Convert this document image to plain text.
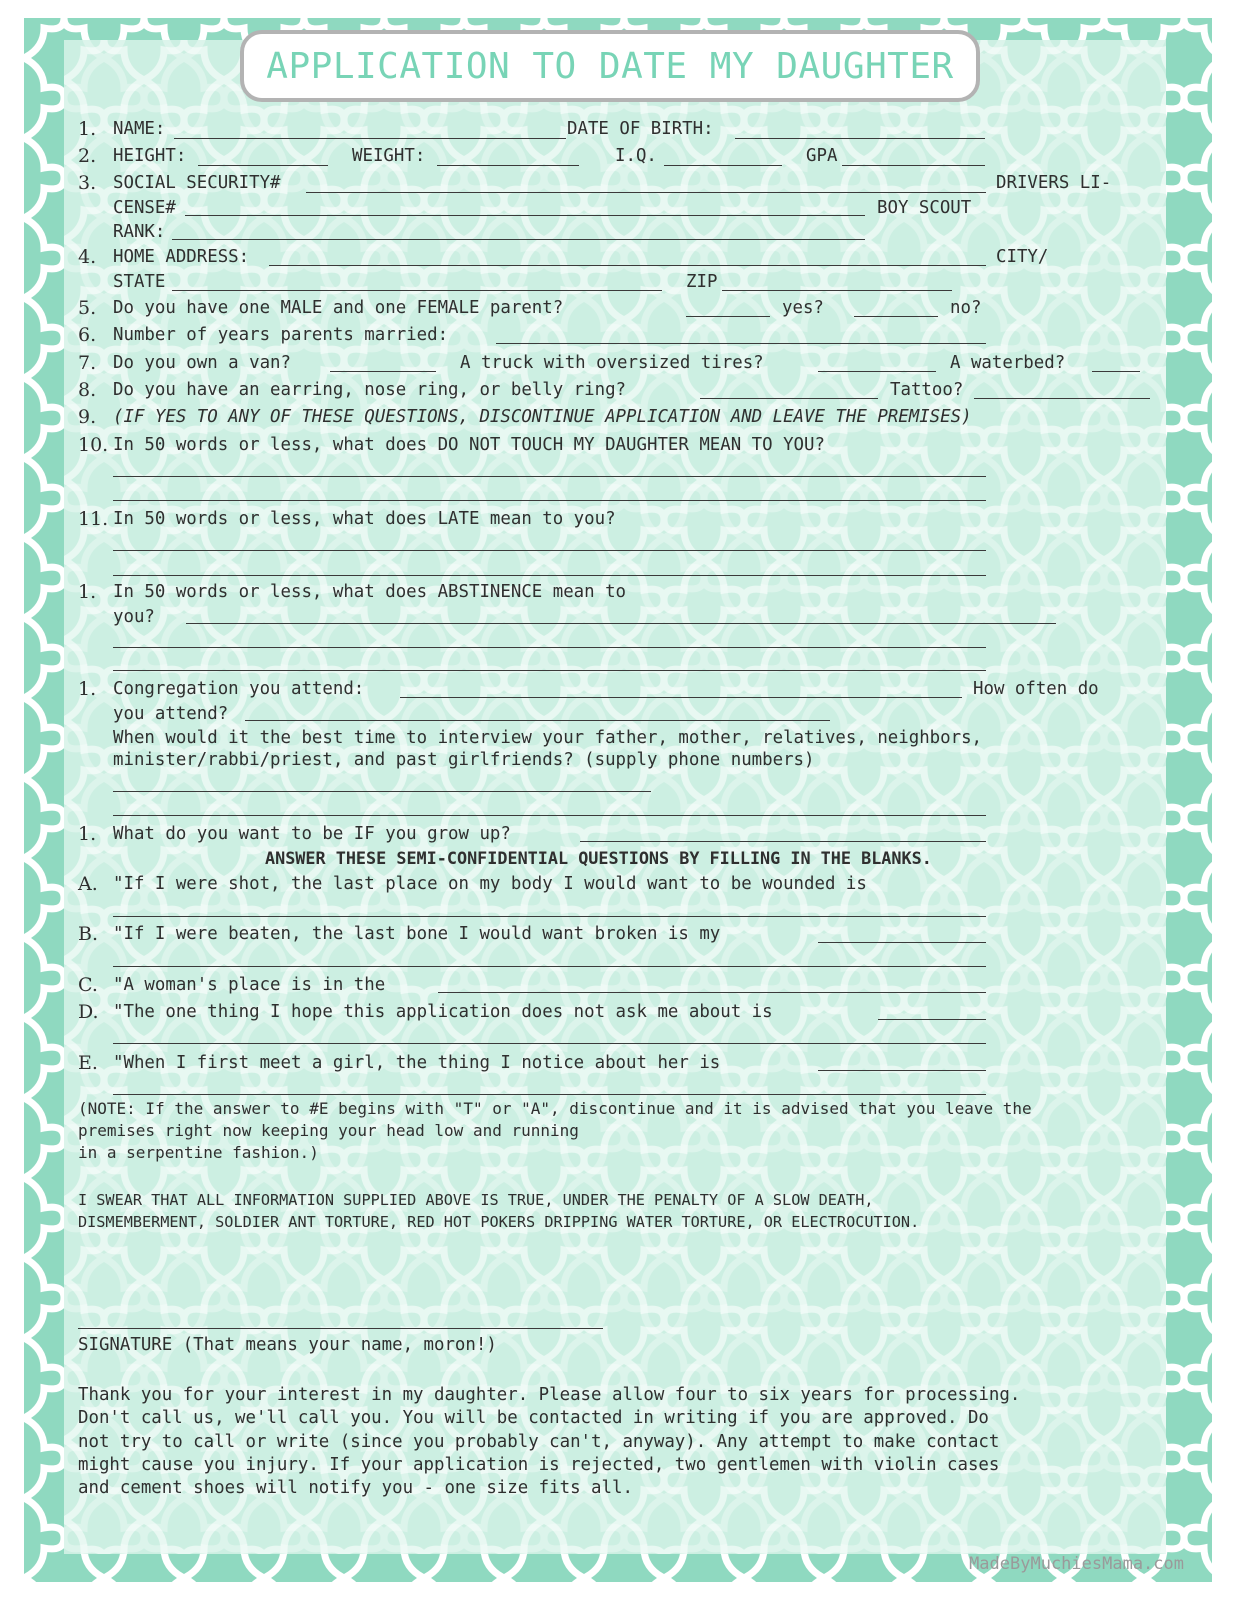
APPLICATION TO DATE MY DAUGHTER
1. NAME:	DATE OF BIRTH:
2. HEIGHT:	WEIGHT:	I.Q.	GPA
3. SOCIAL SECURITY#	DRIVERS LI-
CENSE#	BOY SCOUT
RANK:
4. HOME ADDRESS:	CITY/
STATE	ZIP
5. Do you have one MALE and one FEMALE parent?	yes?	no?
6. Number of years parents married:
7. Do you own a van?	A truck with oversized tires?	A waterbed?
8. Do you have an earring, nose ring, or belly ring?	Tattoo?
9. (IF YES TO ANY OF THESE QUESTIONS, DISCONTINUE APPLICATION AND LEAVE THE PREMISES)
10. In 50 words or less, what does DO NOT TOUCH MY DAUGHTER MEAN TO YOU?
11. In 50 words or less, what does LATE mean to you?
1. In 50 words or less, what does ABSTINENCE mean to
you?
1. Congregation you attend:	How often do
you attend?
When would it the best time to interview your father, mother, relatives, neighbors,
minister/rabbi/priest, and past girlfriends? (supply phone numbers)
1. What do you want to be IF you grow up?
ANSWER THESE SEMI-CONFIDENTIAL QUESTIONS BY FILLING IN THE BLANKS.
A. "If I were shot, the last place on my body I would want to be wounded is
B. "If I were beaten, the last bone I would want broken is my
C. "A woman's place is in the
D. "The one thing I hope this application does not ask me about is
E. "When I first meet a girl, the thing I notice about her is
(NOTE: If the answer to #E begins with "T" or "A", discontinue and it is advised that you leave the
premises right now keeping your head low and running
in a serpentine fashion.)
I SWEAR THAT ALL INFORMATION SUPPLIED ABOVE IS TRUE, UNDER THE PENALTY OF A SLOW DEATH,
DISMEMBERMENT, SOLDIER ANT TORTURE, RED HOT POKERS DRIPPING WATER TORTURE, OR ELECTROCUTION.
SIGNATURE (That means your name, moron!)
Thank you for your interest in my daughter. Please allow four to six years for processing.
Don't call us, we'll call you. You will be contacted in writing if you are approved. Do
not try to call or write (since you probably can't, anyway). Any attempt to make contact
might cause you injury. If your application is rejected, two gentlemen with violin cases
and cement shoes will notify you - one size fits all.
MadeByMuchiesMama.com
